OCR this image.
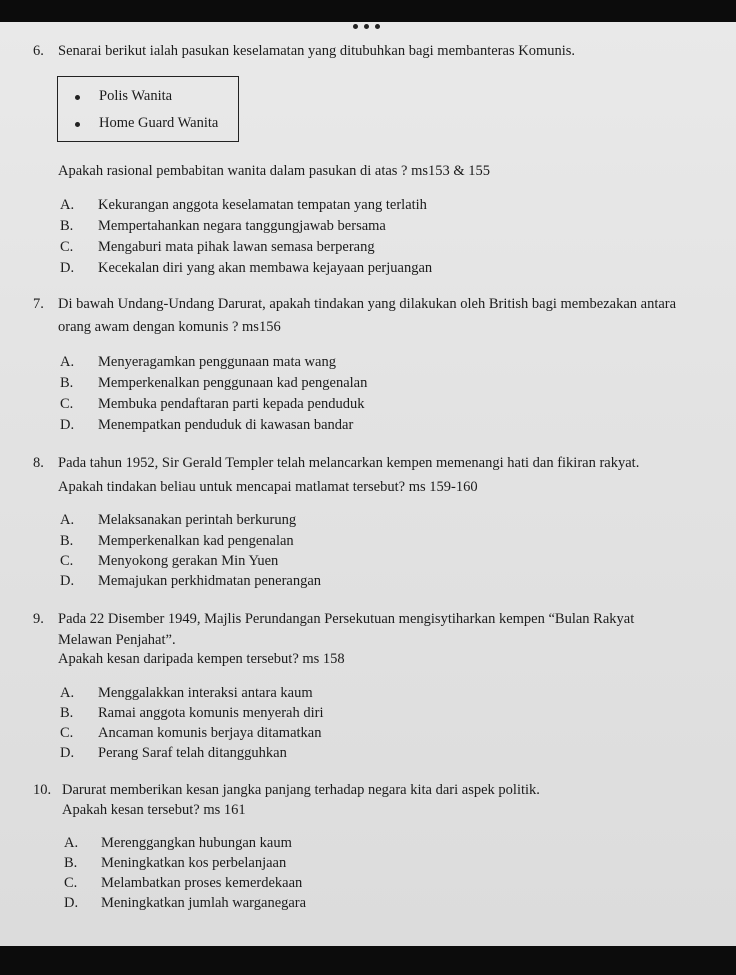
6. Senarai berikut ialah pasukan keselamatan yang ditubuhkan bagi membanteras Komunis.
Polis Wanita
Home Guard Wanita
Apakah rasional pembabitan wanita dalam pasukan di atas ? ms153 & 155
A. Kekurangan anggota keselamatan tempatan yang terlatih
B. Mempertahankan negara tanggungjawab bersama
C. Mengaburi mata pihak lawan semasa berperang
D. Kecekalan diri yang akan membawa kejayaan perjuangan
7. Di bawah Undang-Undang Darurat, apakah tindakan yang dilakukan oleh British bagi membezakan antara
orang awam dengan komunis ? ms156
A. Menyeragamkan penggunaan mata wang
B. Memperkenalkan penggunaan kad pengenalan
C. Membuka pendaftaran parti kepada penduduk
D. Menempatkan penduduk di kawasan bandar
8. Pada tahun 1952, Sir Gerald Templer telah melancarkan kempen memenangi hati dan fikiran rakyat.
Apakah tindakan beliau untuk mencapai matlamat tersebut? ms 159-160
A. Melaksanakan perintah berkurung
B. Memperkenalkan kad pengenalan
C. Menyokong gerakan Min Yuen
D. Memajukan perkhidmatan penerangan
9. Pada 22 Disember 1949, Majlis Perundangan Persekutuan mengisytiharkan kempen “Bulan Rakyat
Melawan Penjahat”.
Apakah kesan daripada kempen tersebut? ms 158
A. Menggalakkan interaksi antara kaum
B. Ramai anggota komunis menyerah diri
C. Ancaman komunis berjaya ditamatkan
D. Perang Saraf telah ditangguhkan
10. Darurat memberikan kesan jangka panjang terhadap negara kita dari aspek politik.
Apakah kesan tersebut? ms 161
A. Merenggangkan hubungan kaum
B. Meningkatkan kos perbelanjaan
C. Melambatkan proses kemerdekaan
D. Meningkatkan jumlah warganegara
